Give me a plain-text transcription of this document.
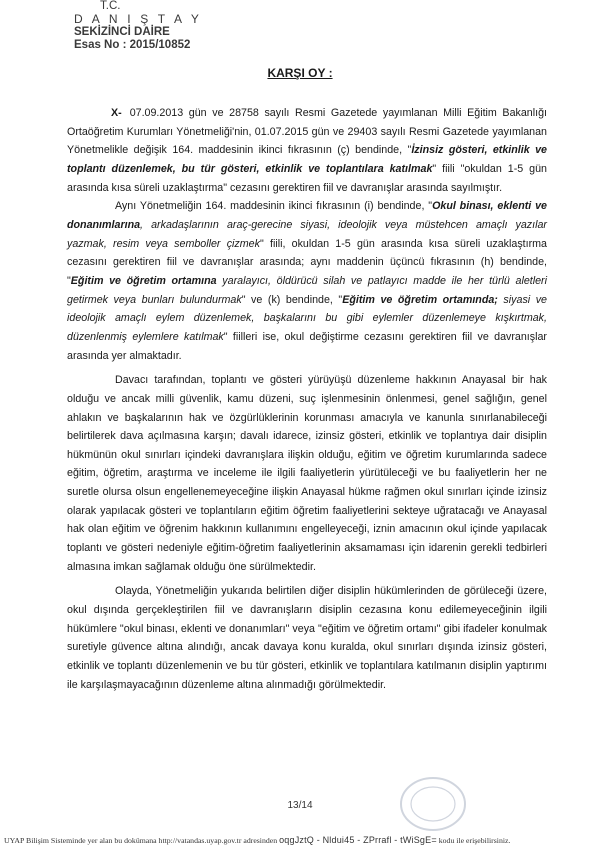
T.C.
D A N I Ş T A Y
SEKİZİNCİ DAİRE
Esas No : 2015/10852
KARŞI OY :

X- 07.09.2013 gün ve 28758 sayılı Resmi Gazetede yayımlanan Milli Eğitim Bakanlığı Ortaöğretim Kurumları Yönetmeliği'nin, 01.07.2015 gün ve 29403 sayılı Resmi Gazetede yayımlanan Yönetmelikle değişik 164. maddesinin ikinci fıkrasının (ç) bendinde, "İzinsiz gösteri, etkinlik ve toplantı düzenlemek, bu tür gösteri, etkinlik ve toplantılara katılmak" fiili "okuldan 1-5 gün arasında kısa süreli uzaklaştırma" cezasını gerektiren fiil ve davranışlar arasında sayılmıştır.

Aynı Yönetmeliğin 164. maddesinin ikinci fıkrasının (i) bendinde, "Okul binası, eklenti ve donanımlarına, arkadaşlarının araç-gerecine siyasi, ideolojik veya müstehcen amaçlı yazılar yazmak, resim veya semboller çizmek" fiili, okuldan 1-5 gün arasında kısa süreli uzaklaştırma cezasını gerektiren fiil ve davranışlar arasında; aynı maddenin üçüncü fıkrasının (h) bendinde, "Eğitim ve öğretim ortamına yaralayıcı, öldürücü silah ve patlayıcı madde ile her türlü aletleri getirmek veya bunları bulundurmak" ve (k) bendinde, "Eğitim ve öğretim ortamında; siyasi ve ideolojik amaçlı eylem düzenlemek, başkalarını bu gibi eylemler düzenlemeye kışkırtmak, düzenlenmiş eylemlere katılmak" fiilleri ise, okul değiştirme cezasını gerektiren fiil ve davranışlar arasında yer almaktadır.

Davacı tarafından, toplantı ve gösteri yürüyüşü düzenleme hakkının Anayasal bir hak olduğu ve ancak milli güvenlik, kamu düzeni, suç işlenmesinin önlenmesi, genel sağlığın, genel ahlakın ve başkalarının hak ve özgürlüklerinin korunması amacıyla ve kanunla sınırlanabileceği belirtilerek dava açılmasına karşın; davalı idarece, izinsiz gösteri, etkinlik ve toplantıya dair disiplin hükmünün okul sınırları içindeki davranışlara ilişkin olduğu, eğitim ve öğretim kurumlarında sadece eğitim, öğretim, araştırma ve inceleme ile ilgili faaliyetlerin yürütüleceği ve bu faaliyetlerin her ne suretle olursa olsun engellenemeyeceğine ilişkin Anayasal hükme rağmen okul sınırları içinde izinsiz olarak yapılacak gösteri ve toplantıların eğitim öğretim faaliyetlerini sekteye uğratacağı ve Anayasal hak olan eğitim ve öğrenim hakkının kullanımını engelleyeceği, iznin amacının okul içinde yapılacak toplantı ve gösteri nedeniyle eğitim-öğretim faaliyetlerinin aksamaması için idarenin gerekli tedbirleri almasına imkan sağlamak olduğu öne sürülmektedir.

Olayda, Yönetmeliğin yukarıda belirtilen diğer disiplin hükümlerinden de görüleceği üzere, okul dışında gerçekleştirilen fiil ve davranışların disiplin cezasına konu edilemeyeceğinin ilgili hükümlere "okul binası, eklenti ve donanımları" veya "eğitim ve öğretim ortamı" gibi ifadeler konulmak suretiyle güvence altına alındığı, ancak davaya konu kuralda, okul sınırları dışında izinsiz gösteri, etkinlik ve toplantı düzenlemenin ve bu tür gösteri, etkinlik ve toplantılara katılmanın disiplin yaptırımı ile karşılaşmayacağının düzenleme altına alınmadığı görülmektedir.

13/14
UYAP Bilişim Sisteminde yer alan bu dokümana http://vatandas.uyap.gov.tr adresinden oqgJztQ - Nldui45 - ZPrrafl - tWiSgE= kodu ile erişebilirsiniz.
